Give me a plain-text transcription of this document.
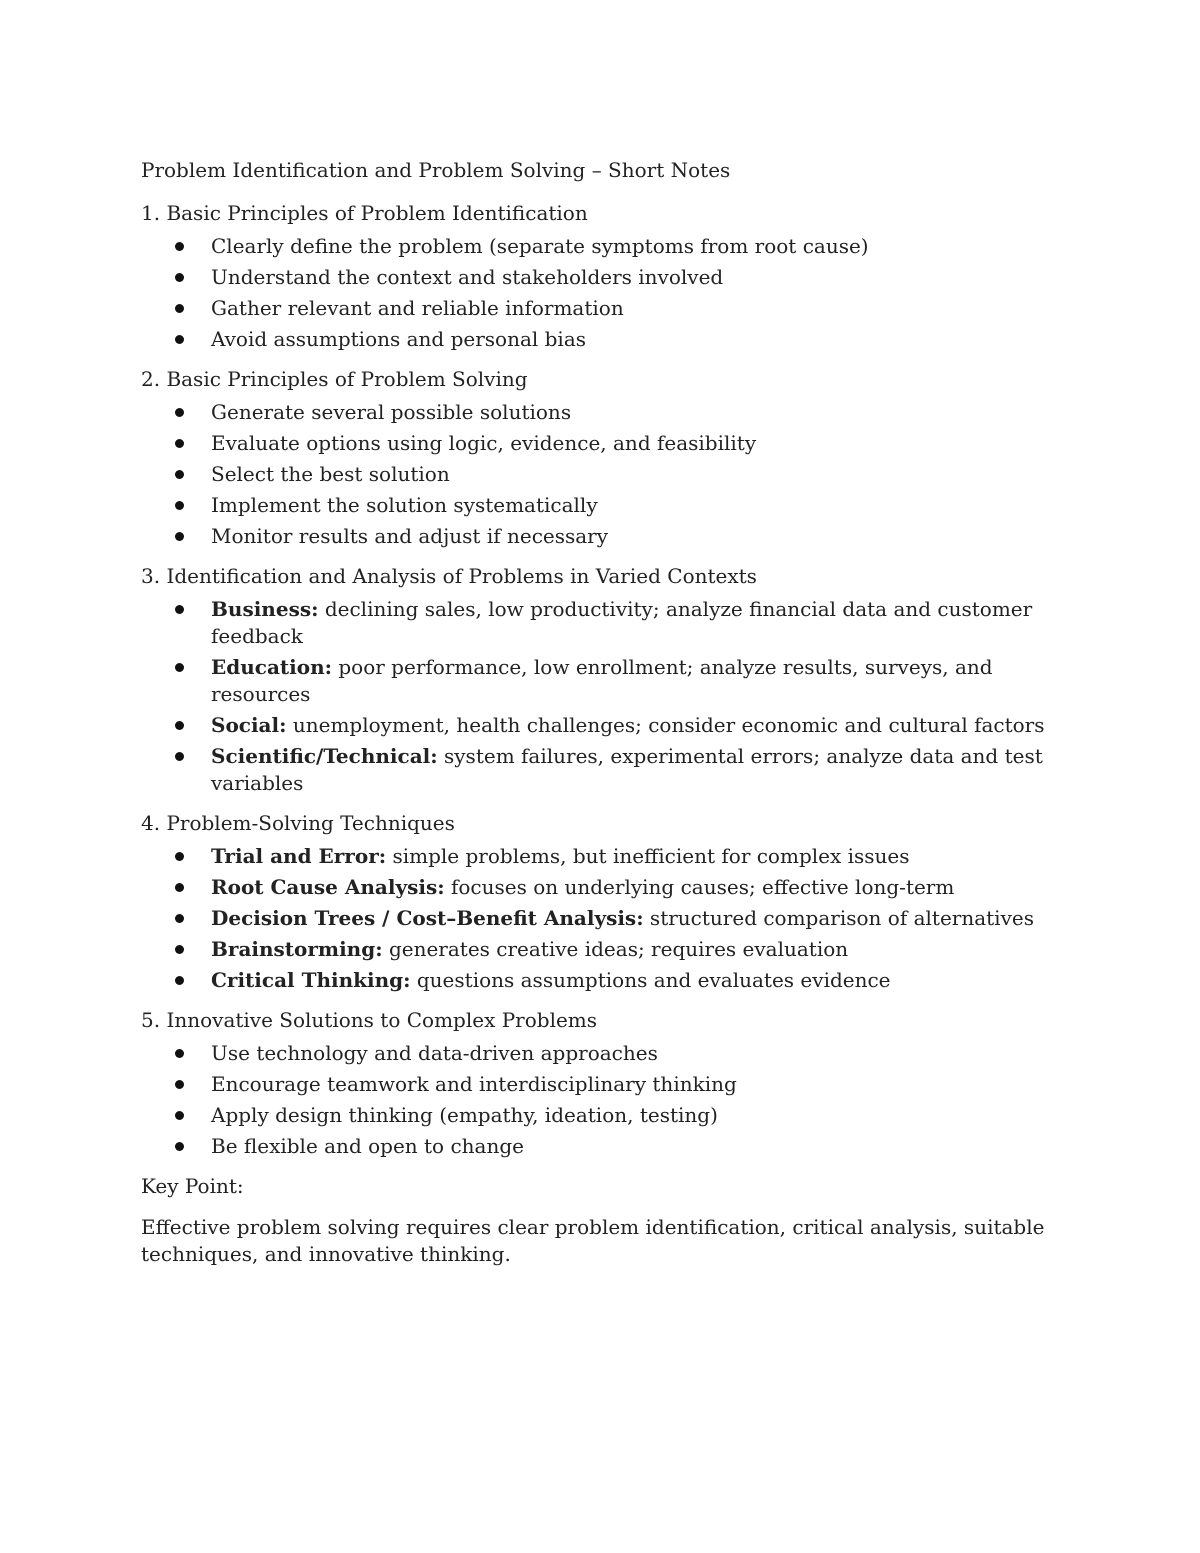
Problem Identification and Problem Solving – Short Notes
1. Basic Principles of Problem Identification
Clearly define the problem (separate symptoms from root cause)
Understand the context and stakeholders involved
Gather relevant and reliable information
Avoid assumptions and personal bias
2. Basic Principles of Problem Solving
Generate several possible solutions
Evaluate options using logic, evidence, and feasibility
Select the best solution
Implement the solution systematically
Monitor results and adjust if necessary
3. Identification and Analysis of Problems in Varied Contexts
Business: declining sales, low productivity; analyze financial data and customer feedback
Education: poor performance, low enrollment; analyze results, surveys, and resources
Social: unemployment, health challenges; consider economic and cultural factors
Scientific/Technical: system failures, experimental errors; analyze data and test variables
4. Problem-Solving Techniques
Trial and Error: simple problems, but inefficient for complex issues
Root Cause Analysis: focuses on underlying causes; effective long-term
Decision Trees / Cost–Benefit Analysis: structured comparison of alternatives
Brainstorming: generates creative ideas; requires evaluation
Critical Thinking: questions assumptions and evaluates evidence
5. Innovative Solutions to Complex Problems
Use technology and data-driven approaches
Encourage teamwork and interdisciplinary thinking
Apply design thinking (empathy, ideation, testing)
Be flexible and open to change
Key Point:

Effective problem solving requires clear problem identification, critical analysis, suitable techniques, and innovative thinking.
